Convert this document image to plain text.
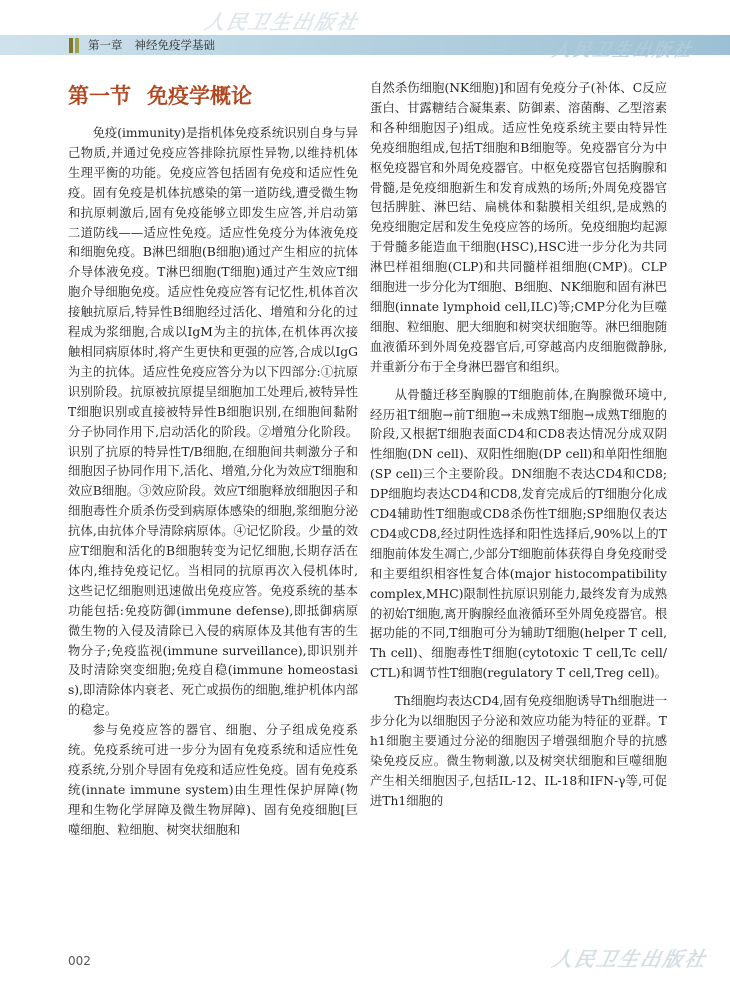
人民卫生出版社
第一章 神经免疫学基础	人民卫生出版社
第一节 免疫学概论

免疫(immunity)是指机体免疫系统识别自身与异己物质,并通过免疫应答排除抗原性异物,以维持机体生理平衡的功能。免疫应答包括固有免疫和适应性免疫。固有免疫是机体抗感染的第一道防线,遭受微生物和抗原刺激后,固有免疫能够立即发生应答,并启动第二道防线——适应性免疫。适应性免疫分为体液免疫和细胞免疫。B淋巴细胞(B细胞)通过产生相应的抗体介导体液免疫。T淋巴细胞(T细胞)通过产生效应T细胞介导细胞免疫。适应性免疫应答有记忆性,机体首次接触抗原后,特异性B细胞经过活化、增殖和分化的过程成为浆细胞,合成以IgM为主的抗体,在机体再次接触相同病原体时,将产生更快和更强的应答,合成以IgG为主的抗体。适应性免疫应答分为以下四部分:①抗原识别阶段。抗原被抗原提呈细胞加工处理后,被特异性T细胞识别或直接被特异性B细胞识别,在细胞间黏附分子协同作用下,启动活化的阶段。②增殖分化阶段。识别了抗原的特异性T/B细胞,在细胞间共刺激分子和细胞因子协同作用下,活化、增殖,分化为效应T细胞和效应B细胞。③效应阶段。效应T细胞释放细胞因子和细胞毒性介质杀伤受到病原体感染的细胞,浆细胞分泌抗体,由抗体介导清除病原体。④记忆阶段。少量的效应T细胞和活化的B细胞转变为记忆细胞,长期存活在体内,维持免疫记忆。当相同的抗原再次入侵机体时,这些记忆细胞则迅速做出免疫应答。免疫系统的基本功能包括:免疫防御(immune defense),即抵御病原微生物的入侵及清除已入侵的病原体及其他有害的生物分子;免疫监视(immune surveillance),即识别并及时清除突变细胞;免疫自稳(immune homeostasis),即清除体内衰老、死亡或损伤的细胞,维护机体内部的稳定。

参与免疫应答的器官、细胞、分子组成免疫系统。免疫系统可进一步分为固有免疫系统和适应性免疫系统,分别介导固有免疫和适应性免疫。固有免疫系统(innate immune system)由生理性保护屏障(物理和生物化学屏障及微生物屏障)、固有免疫细胞[巨噬细胞、粒细胞、树突状细胞和

自然杀伤细胞(NK细胞)]和固有免疫分子(补体、C反应蛋白、甘露糖结合凝集素、防御素、溶菌酶、乙型溶素和各种细胞因子)组成。适应性免疫系统主要由特异性免疫细胞组成,包括T细胞和B细胞等。免疫器官分为中枢免疫器官和外周免疫器官。中枢免疫器官包括胸腺和骨髓,是免疫细胞新生和发育成熟的场所;外周免疫器官包括脾脏、淋巴结、扁桃体和黏膜相关组织,是成熟的免疫细胞定居和发生免疫应答的场所。免疫细胞均起源于骨髓多能造血干细胞(HSC),HSC进一步分化为共同淋巴样祖细胞(CLP)和共同髓样祖细胞(CMP)。CLP细胞进一步分化为T细胞、B细胞、NK细胞和固有淋巴细胞(innate lymphoid cell,ILC)等;CMP分化为巨噬细胞、粒细胞、肥大细胞和树突状细胞等。淋巴细胞随血液循环到外周免疫器官后,可穿越高内皮细胞微静脉,并重新分布于全身淋巴器官和组织。

从骨髓迁移至胸腺的T细胞前体,在胸腺微环境中,经历祖T细胞→前T细胞→未成熟T细胞→成熟T细胞的阶段,又根据T细胞表面CD4和CD8表达情况分成双阴性细胞(DN cell)、双阳性细胞(DP cell)和单阳性细胞(SP cell)三个主要阶段。DN细胞不表达CD4和CD8;DP细胞均表达CD4和CD8,发育完成后的T细胞分化成CD4辅助性T细胞或CD8杀伤性T细胞;SP细胞仅表达CD4或CD8,经过阴性选择和阳性选择后,90%以上的T细胞前体发生凋亡,少部分T细胞前体获得自身免疫耐受和主要组织相容性复合体(major histocompatibility complex,MHC)限制性抗原识别能力,最终发育为成熟的初始T细胞,离开胸腺经血液循环至外周免疫器官。根据功能的不同,T细胞可分为辅助T细胞(helper T cell,Th cell)、细胞毒性T细胞(cytotoxic T cell,Tc cell/CTL)和调节性T细胞(regulatory T cell,Treg cell)。

Th细胞均表达CD4,固有免疫细胞诱导Th细胞进一步分化为以细胞因子分泌和效应功能为特征的亚群。Th1细胞主要通过分泌的细胞因子增强细胞介导的抗感染免疫反应。微生物刺激,以及树突状细胞和巨噬细胞产生相关细胞因子,包括IL-12、IL-18和IFN-γ等,可促进Th1细胞的

002	人民卫生出版社
